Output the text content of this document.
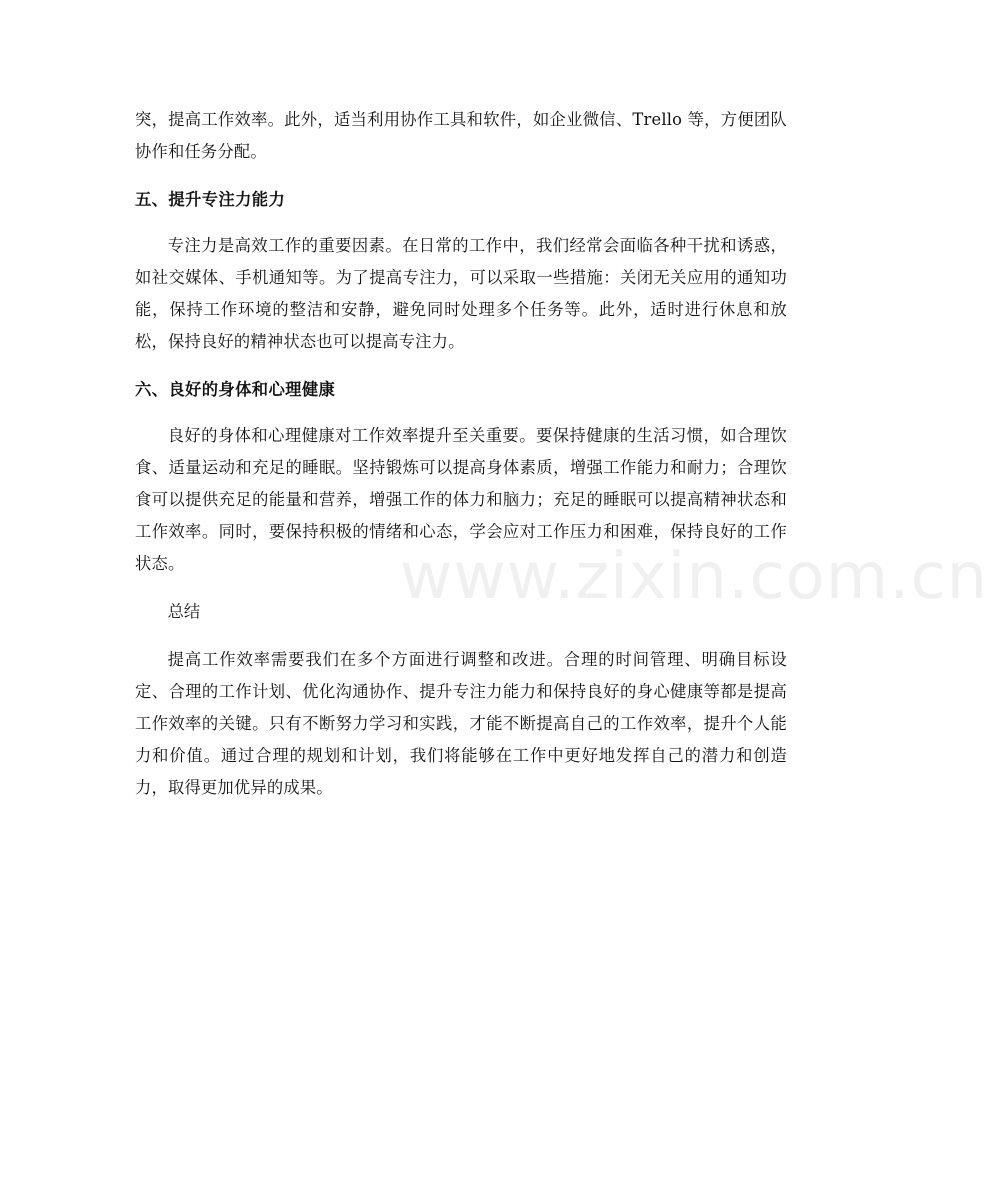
www.zixin.com.cn

突，提高工作效率。此外，适当利用协作工具和软件，如企业微信、Trello 等，方便团队协作和任务分配。

五、提升专注力能力

专注力是高效工作的重要因素。在日常的工作中，我们经常会面临各种干扰和诱惑，如社交媒体、手机通知等。为了提高专注力，可以采取一些措施：关闭无关应用的通知功能，保持工作环境的整洁和安静，避免同时处理多个任务等。此外，适时进行休息和放松，保持良好的精神状态也可以提高专注力。

六、良好的身体和心理健康

良好的身体和心理健康对工作效率提升至关重要。要保持健康的生活习惯，如合理饮食、适量运动和充足的睡眠。坚持锻炼可以提高身体素质，增强工作能力和耐力；合理饮食可以提供充足的能量和营养，增强工作的体力和脑力；充足的睡眠可以提高精神状态和工作效率。同时，要保持积极的情绪和心态，学会应对工作压力和困难，保持良好的工作状态。

总结

提高工作效率需要我们在多个方面进行调整和改进。合理的时间管理、明确目标设定、合理的工作计划、优化沟通协作、提升专注力能力和保持良好的身心健康等都是提高工作效率的关键。只有不断努力学习和实践，才能不断提高自己的工作效率，提升个人能力和价值。通过合理的规划和计划，我们将能够在工作中更好地发挥自己的潜力和创造力，取得更加优异的成果。
